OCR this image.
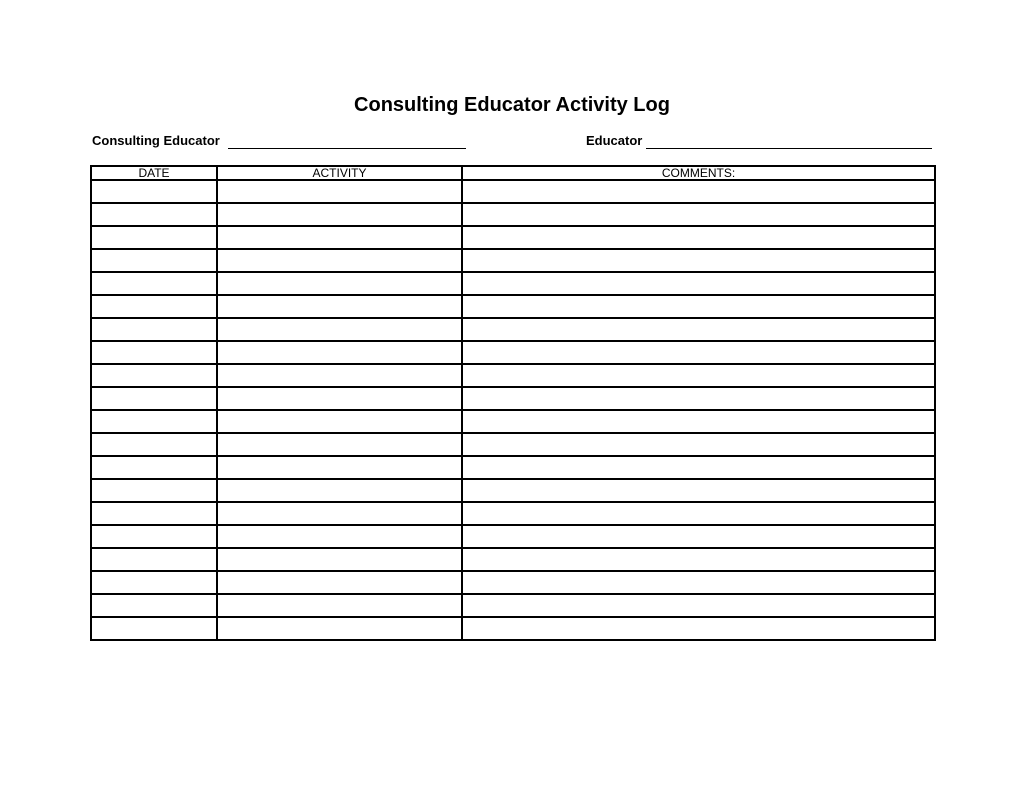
Consulting Educator Activity Log
Consulting Educator	Educator
DATE	ACTIVITY	COMMENTS:
